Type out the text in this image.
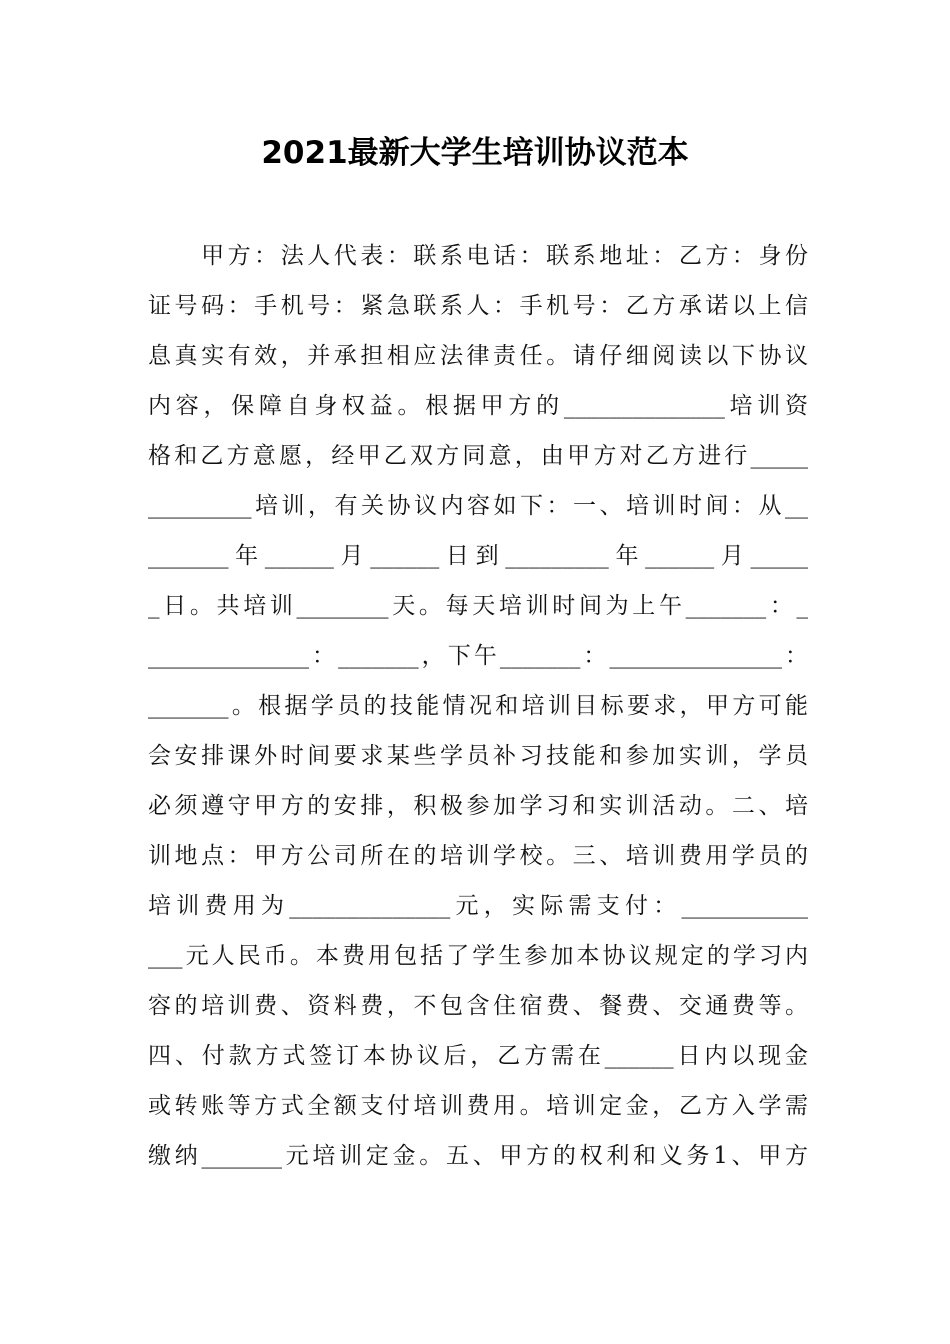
2021最新大学生培训协议范本
　　甲方：法人代表：联系电话：联系地址：乙方：身份
证号码：手机号：紧急联系人：手机号：乙方承诺以上信
息真实有效，并承担相应法律责任。请仔细阅读以下协议
内容，保障自身权益。根据甲方的______________培训资
格和乙方意愿，经甲乙双方同意，由甲方对乙方进行_____
_________培训，有关协议内容如下：一、培训时间：从__
_______年______月______日到_________年______月_____
_日。共培训________天。每天培训时间为上午_______：_
______________：_______，下午_______：_______________：
_______。根据学员的技能情况和培训目标要求，甲方可能
会安排课外时间要求某些学员补习技能和参加实训，学员
必须遵守甲方的安排，积极参加学习和实训活动。二、培
训地点：甲方公司所在的培训学校。三、培训费用学员的
培训费用为______________元，实际需支付：___________
___元人民币。本费用包括了学生参加本协议规定的学习内
容的培训费、资料费，不包含住宿费、餐费、交通费等。
四、付款方式签订本协议后，乙方需在______日内以现金
或转账等方式全额支付培训费用。培训定金，乙方入学需
缴纳_______元培训定金。五、甲方的权利和义务1、甲方
